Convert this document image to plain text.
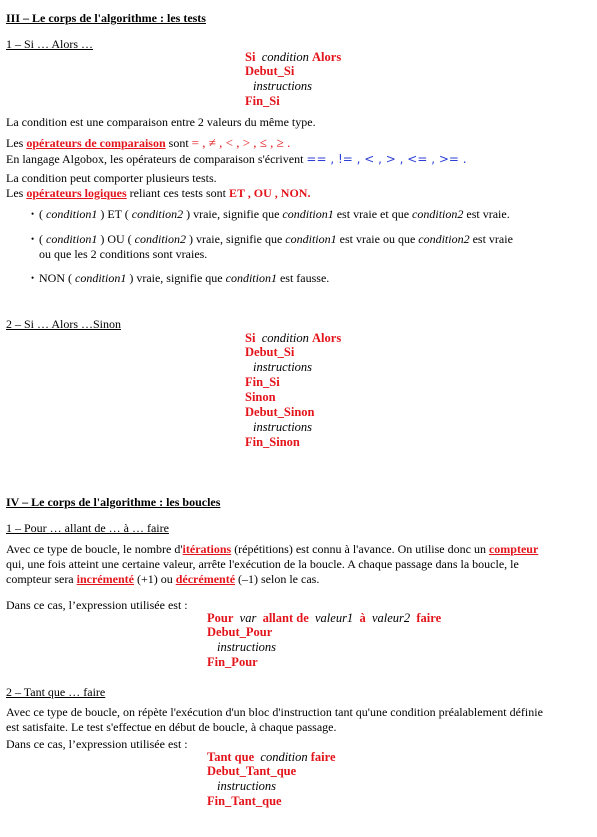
III – Le corps de l'algorithme : les tests
1 – Si … Alors …
Si condition Alors
Debut_Si
instructions
Fin_Si
La condition est une comparaison entre 2 valeurs du même type.
Les opérateurs de comparaison sont = , ≠ , < , > , ≤ , ≥ .
En langage Algobox, les opérateurs de comparaison s'écrivent == , != , < , > , <= , >= .
La condition peut comporter plusieurs tests.
Les opérateurs logiques reliant ces tests sont ET , OU , NON.
• ( condition1 ) ET ( condition2 ) vraie, signifie que condition1 est vraie et que condition2 est vraie.
• ( condition1 ) OU ( condition2 ) vraie, signifie que condition1 est vraie ou que condition2 est vraie
ou que les 2 conditions sont vraies.
• NON ( condition1 ) vraie, signifie que condition1 est fausse.
2 – Si … Alors …Sinon
Si condition Alors
Debut_Si
instructions
Fin_Si
Sinon
Debut_Sinon
instructions
Fin_Sinon
IV – Le corps de l'algorithme : les boucles
1 – Pour … allant de … à … faire
Avec ce type de boucle, le nombre d'itérations (répétitions) est connu à l'avance. On utilise donc un compteur
qui, une fois atteint une certaine valeur, arrête l'exécution de la boucle. A chaque passage dans la boucle, le
compteur sera incrémenté (+1) ou décrémenté (–1) selon le cas.
Dans ce cas, l’expression utilisée est :
Pour var allant de valeur1 à valeur2 faire
Debut_Pour
instructions
Fin_Pour
2 – Tant que … faire
Avec ce type de boucle, on répète l'exécution d'un bloc d'instruction tant qu'une condition préalablement définie
est satisfaite. Le test s'effectue en début de boucle, à chaque passage.
Dans ce cas, l’expression utilisée est :
Tant que condition faire
Debut_Tant_que
instructions
Fin_Tant_que
